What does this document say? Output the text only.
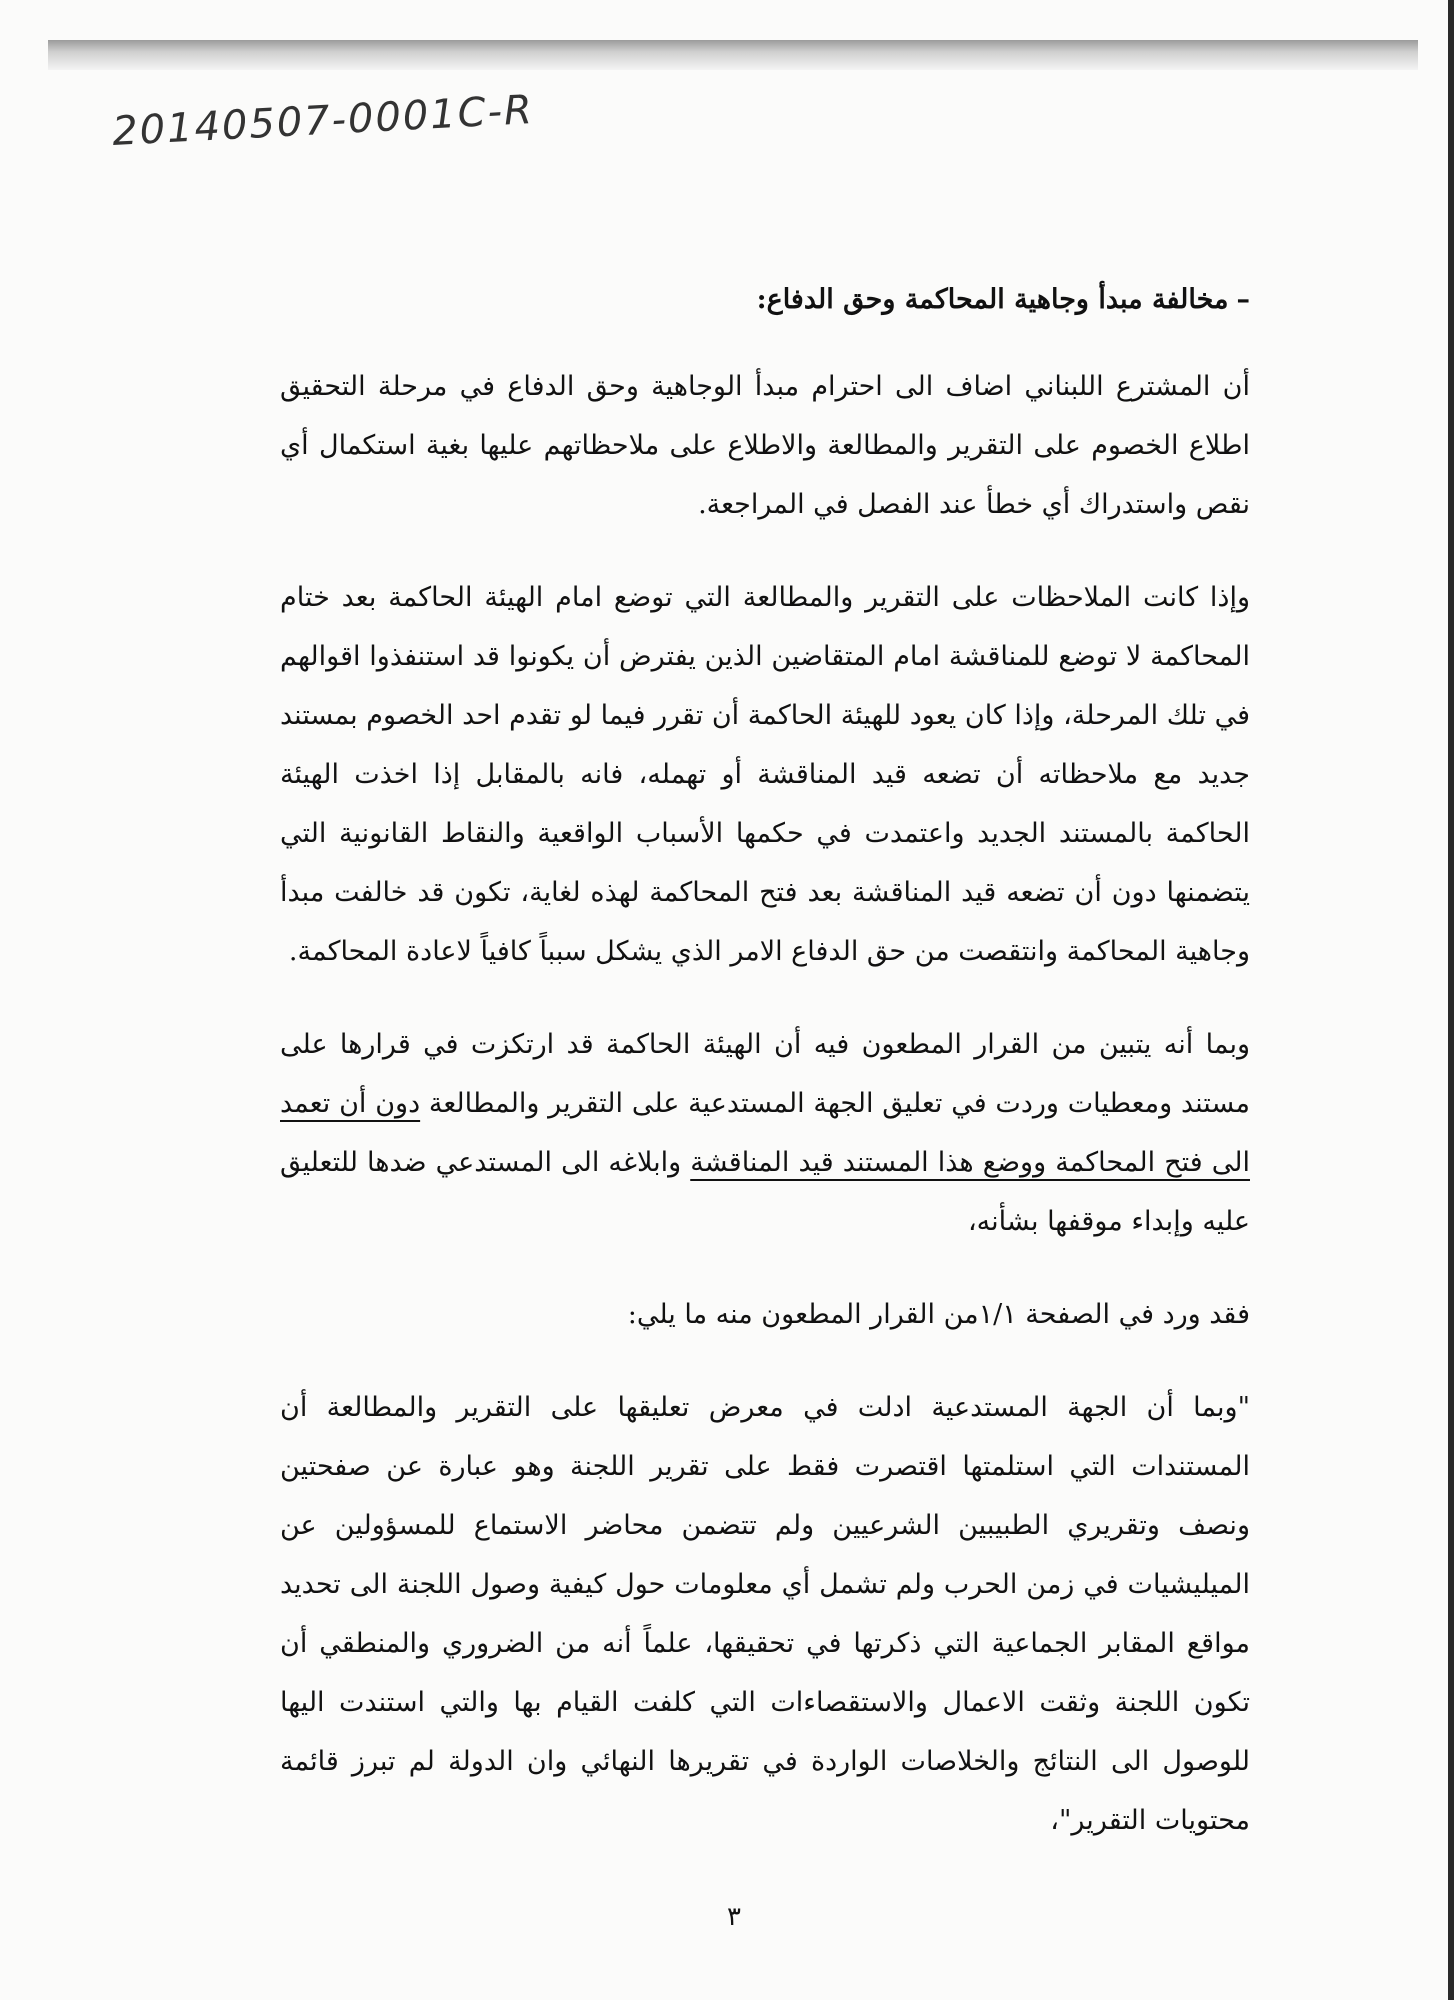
20140507-0001C-R
–مخالفة مبدأ وجاهية المحاكمة وحق الدفاع:

أن المشترع اللبناني اضاف الى احترام مبدأ الوجاهية وحق الدفاع في مرحلة التحقيق اطلاع الخصوم على التقرير والمطالعة والاطلاع على ملاحظاتهم عليها بغية استكمال أي نقص واستدراك أي خطأ عند الفصل في المراجعة.

وإذا كانت الملاحظات على التقرير والمطالعة التي توضع امام الهيئة الحاكمة بعد ختام المحاكمة لا توضع للمناقشة امام المتقاضين الذين يفترض أن يكونوا قد استنفذوا اقوالهم في تلك المرحلة، وإذا كان يعود للهيئة الحاكمة أن تقرر فيما لو تقدم احد الخصوم بمستند جديد مع ملاحظاته أن تضعه قيد المناقشة أو تهمله، فانه بالمقابل إذا اخذت الهيئة الحاكمة بالمستند الجديد واعتمدت في حكمها الأسباب الواقعية والنقاط القانونية التي يتضمنها دون أن تضعه قيد المناقشة بعد فتح المحاكمة لهذه لغاية، تكون قد خالفت مبدأ وجاهية المحاكمة وانتقصت من حق الدفاع الامر الذي يشكل سبباً كافياً لاعادة المحاكمة.

وبما أنه يتبين من القرار المطعون فيه أن الهيئة الحاكمة قد ارتكزت في قرارها على مستند ومعطيات وردت في تعليق الجهة المستدعية على التقرير والمطالعة دون أن تعمد الى فتح المحاكمة ووضع هذا المستند قيد المناقشة وابلاغه الى المستدعي ضدها للتعليق عليه وإبداء موقفها بشأنه،

فقد ورد في الصفحة ١/١من القرار المطعون منه ما يلي:

"وبما أن الجهة المستدعية ادلت في معرض تعليقها على التقرير والمطالعة أن المستندات التي استلمتها اقتصرت فقط على تقرير اللجنة وهو عبارة عن صفحتين ونصف وتقريري الطبيبين الشرعيين ولم تتضمن محاضر الاستماع للمسؤولين عن الميليشيات في زمن الحرب ولم تشمل أي معلومات حول كيفية وصول اللجنة الى تحديد مواقع المقابر الجماعية التي ذكرتها في تحقيقها، علماً أنه من الضروري والمنطقي أن تكون اللجنة وثقت الاعمال والاستقصاءات التي كلفت القيام بها والتي استندت اليها للوصول الى النتائج والخلاصات الواردة في تقريرها النهائي وان الدولة لم تبرز قائمة محتويات التقرير"،

٣
